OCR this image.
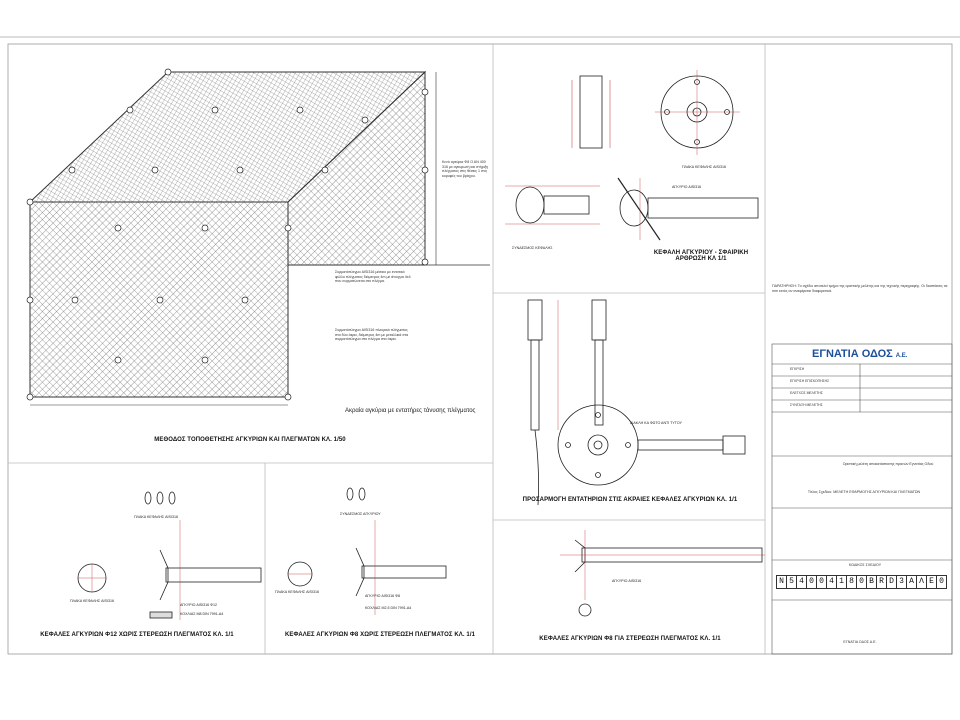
ΜΕΘΟΔΟΣ ΤΟΠΟΘΕΤΗΣΗΣ ΑΓΚΥΡΙΩΝ ΚΑΙ ΠΛΕΓΜΑΤΩΝ ΚΛ. 1/50
ΚΕΦΑΛΗ ΑΓΚΥΡΙΟΥ - ΣΦΑΙΡΙΚΗ ΑΡΘΡΩΣΗ ΚΛ 1/1
ΠΡΟΣΑΡΜΟΓΗ ΕΝΤΑΤΗΡΙΩΝ ΣΤΙΣ ΑΚΡΑΙΕΣ ΚΕΦΑΛΕΣ ΑΓΚΥΡΙΩΝ ΚΛ. 1/1
ΚΕΦΑΛΕΣ ΑΓΚΥΡΙΩΝ Φ12 ΧΩΡΙΣ ΣΤΕΡΕΩΣΗ ΠΛΕΓΜΑΤΟΣ ΚΛ. 1/1	ΚΕΦΑΛΕΣ ΑΓΚΥΡΙΩΝ Φ8 ΧΩΡΙΣ ΣΤΕΡΕΩΣΗ ΠΛΕΓΜΑΤΟΣ ΚΛ. 1/1
ΚΕΦΑΛΕΣ ΑΓΚΥΡΙΩΝ Φ8 ΓΙΑ ΣΤΕΡΕΩΣΗ ΠΛΕΓΜΑΤΟΣ ΚΛ. 1/1
Ακραία αγκύρια με εντατήρες τάνυσης πλέγματος
Κενό αγκύρια Φ8 Ο ΑΝ 400 316 με αγκυρωτή και στήριξη πλέγματος στις θέσεις 1 στις κορυφές του βράχου.
Συρματόπλεγμα AISI316 μέσαιο με εντατικό φύλλο πλέγματος διάμετρος 4m με άνοιγμα 4x4 που συρματώνεται στο πλέγμα.
Συρματόπλεγμα AISI316 πλευρικό πλέγματος στα δύο άκρα, διάμετρος 4m με μεταλλικά στα συρματόπλεγμα στο πλέγμα στα άκρα.
ΠΛΑΚΑ ΚΕΦΑΛΗΣ AISI316
ΠΛΑΚΑ ΚΕΦΑΛΗΣ AISI316
ΑΓΚΥΡΙΟ AISI316 Φ12
ΚΟΧΛΙΑΣ Μ8 DIN 7991-A4
ΠΛΑΚΑ ΚΕΦΑΛΗΣ AISI316
ΑΓΚΥΡΙΟ AISI316 Φ8
ΚΟΧΛΙΑΣ Μ2.5 DIN 7991-A4
ΣΥΝΔΕΣΜΟΣ ΑΓΚΥΡΙΟΥ
ΑΓΚΥΡΙΟ AISI316
ΔΙΑΚΛΗ ΚΑ ΦΩΤΟ ΑΝΤΙ ΤΥΤΟΥ
ΠΛΑΚΑ ΚΕΦΑΛΗΣ AISI316
ΑΓΚΥΡΙΟ AISI316
ΣΥΝΔΕΣΜΟΣ ΚΕΦΑΛΗΣ
ΠΑΡΑΤΗΡΗΣΗ: Το σχέδιο αποτελεί τμήμα της οριστικής μελέτης και της τεχνικής περιγραφής. Οι διαστάσεις σε mm εκτός αν αναφέρεται διαφορετικά.
ΕΓΝΑΤΙΑ ΟΔΟΣ Α.Ε.
ΕΓΚΡΙΣΗ
ΕΓΚΡΙΣΗ ΕΠΙΣΚΟΠΗΣΗΣ
ΕΛΕΓΧΟΣ ΜΕΛΕΤΗΣ
ΣΥΝΤΑΞΗ ΜΕΛΕΤΗΣ
Οριστική μελέτη αποκατάστασης πρανών Εγνατίας Οδού
Τίτλος Σχεδίου: ΜΕΛΕΤΗ ΕΦΑΡΜΟΓΗΣ ΑΓΚΥΡΙΩΝ ΚΑΙ ΠΛΕΓΜΑΤΩΝ
ΚΩΔΙΚΟΣ ΣΧΕΔΙΟΥ
N 5 4 0 0 4 1 8 0 B R D 3 A Λ Ε 0
ΕΓΝΑΤΙΑ ΟΔΟΣ Α.Ε.
